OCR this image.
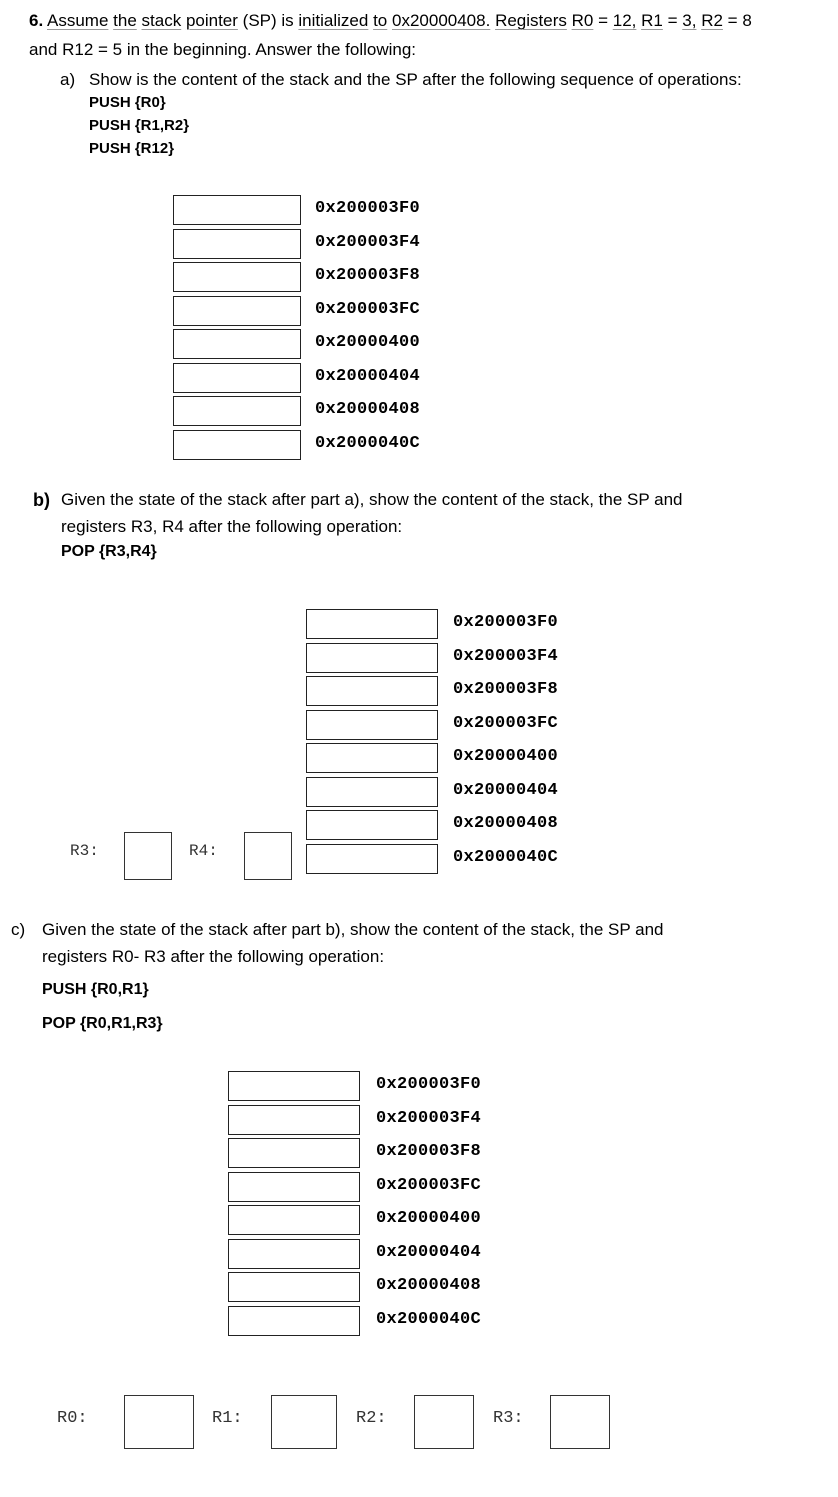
6. Assume the stack pointer (SP) is initialized to 0x20000408. Registers R0 = 12, R1 = 3, R2 = 8
and R12 = 5 in the beginning. Answer the following:
a) Show is the content of the stack and the SP after the following sequence of operations:
PUSH {R0}
PUSH {R1,R2}
PUSH {R12}
0x200003F0
0x200003F4
0x200003F8
0x200003FC
0x20000400
0x20000404
0x20000408
0x2000040C
b) Given the state of the stack after part a), show the content of the stack, the SP and
registers R3, R4 after the following operation:
POP {R3,R4}
0x200003F0
0x200003F4
0x200003F8
0x200003FC
0x20000400
0x20000404
0x20000408
0x2000040C
R3:	R4:
c) Given the state of the stack after part b), show the content of the stack, the SP and
registers R0- R3 after the following operation:
PUSH {R0,R1}
POP {R0,R1,R3}
0x200003F0
0x200003F4
0x200003F8
0x200003FC
0x20000400
0x20000404
0x20000408
0x2000040C
R0:	R1:	R2:	R3:
